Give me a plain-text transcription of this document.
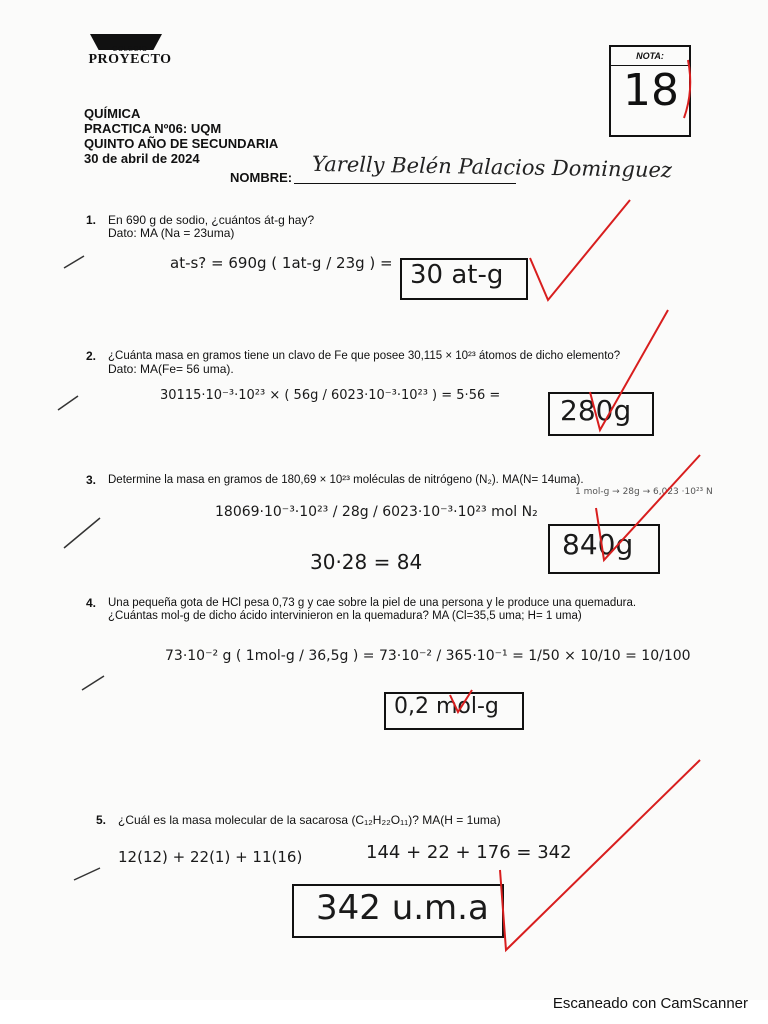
COLEGIO
PROYECTO
QUÍMICA
PRACTICA Nº06: UQM
QUINTO AÑO DE SECUNDARIA
30 de abril de 2024
NOMBRE: Yarelly Belén Palacios Dominguez
NOTA:
18
1. En 690 g de sodio, ¿cuántos át-g hay?
Dato: MA (Na = 23uma)
at-s? = 690g ( 1at-g / 23g ) = 30 at-g
2. ¿Cuánta masa en gramos tiene un clavo de Fe que posee 30,115 × 10²³ átomos de dicho elemento?
Dato: MA(Fe= 56 uma).
30115·10⁻³·10²³ × ( 56g / 6023·10⁻³·10²³ ) = 5·56 = 280g
3. Determine la masa en gramos de 180,69 × 10²³ moléculas de nitrógeno (N₂). MA(N= 14uma).
18069·10⁻³·10²³ / 28g / 6023·10⁻³·10²³ mol N₂
30·28 = 84
1 mol-g → 28g → 6,023 ·10²³ N
840g
4. Una pequeña gota de HCl pesa 0,73 g y cae sobre la piel de una persona y le produce una quemadura.
¿Cuántas mol-g de dicho ácido intervinieron en la quemadura? MA (Cl=35,5 uma; H= 1 uma)
73·10⁻² g ( 1mol-g / 36,5g ) = 73·10⁻² / 365·10⁻¹ = 1/50 × 10/10 = 10/100
0,2 mol-g
5. ¿Cuál es la masa molecular de la sacarosa (C₁₂H₂₂O₁₁)? MA(H = 1uma)
12(12) + 22(1) + 11(16)	144 + 22 + 176 = 342
342 u.m.a
Escaneado con CamScanner
